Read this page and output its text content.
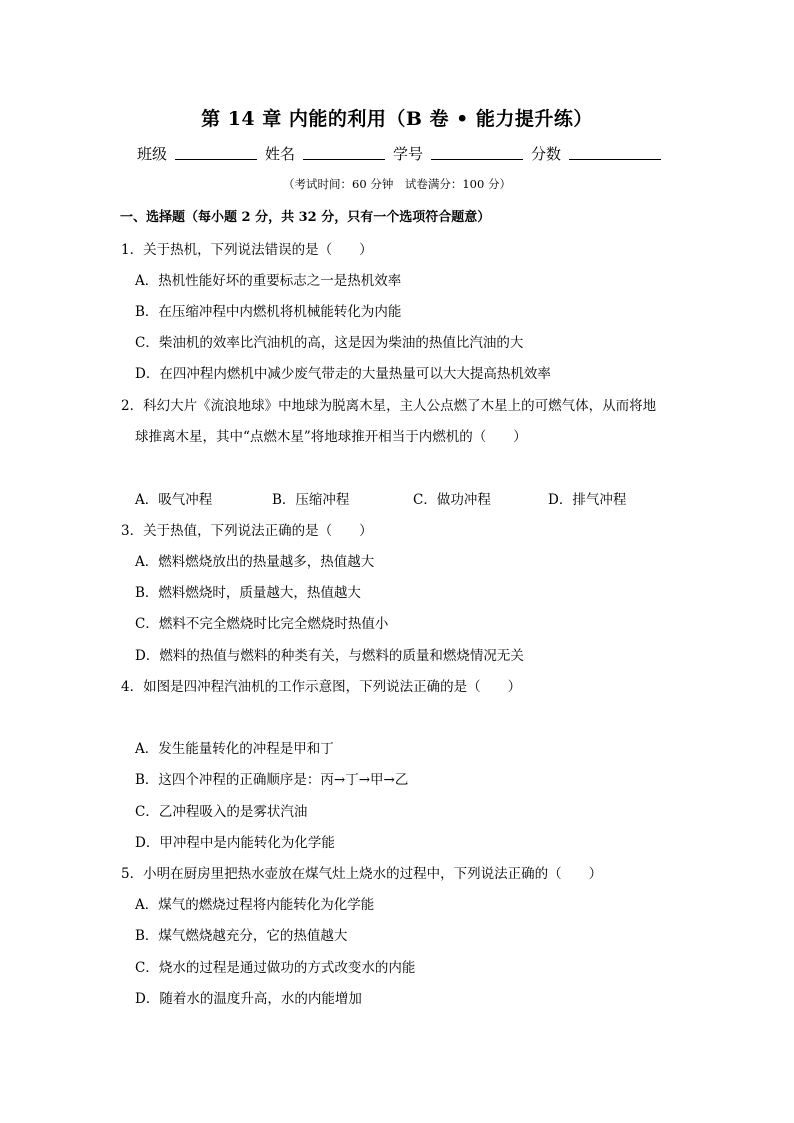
第 14 章 内能的利用（B 卷 • 能力提升练）
班级	姓名	学号	分数
（考试时间：60 分钟　试卷满分：100 分）
一、选择题（每小题 2 分，共 32 分，只有一个选项符合题意）
1．关于热机，下列说法错误的是（　　）
A．热机性能好坏的重要标志之一是热机效率
B．在压缩冲程中内燃机将机械能转化为内能
C．柴油机的效率比汽油机的高，这是因为柴油的热值比汽油的大
D．在四冲程内燃机中减少废气带走的大量热量可以大大提高热机效率
2．科幻大片《流浪地球》中地球为脱离木星，主人公点燃了木星上的可燃气体，从而将地
球推离木星，其中“点燃木星”将地球推开相当于内燃机的（　　）
A．吸气冲程	B．压缩冲程	C．做功冲程	D．排气冲程
3．关于热值，下列说法正确的是（　　）
A．燃料燃烧放出的热量越多，热值越大
B．燃料燃烧时，质量越大，热值越大
C．燃料不完全燃烧时比完全燃烧时热值小
D．燃料的热值与燃料的种类有关，与燃料的质量和燃烧情况无关
4．如图是四冲程汽油机的工作示意图，下列说法正确的是（　　）
A．发生能量转化的冲程是甲和丁
B．这四个冲程的正确顺序是：丙→丁→甲→乙
C．乙冲程吸入的是雾状汽油
D．甲冲程中是内能转化为化学能
5．小明在厨房里把热水壶放在煤气灶上烧水的过程中，下列说法正确的（　　）
A．煤气的燃烧过程将内能转化为化学能
B．煤气燃烧越充分，它的热值越大
C．烧水的过程是通过做功的方式改变水的内能
D．随着水的温度升高，水的内能增加
